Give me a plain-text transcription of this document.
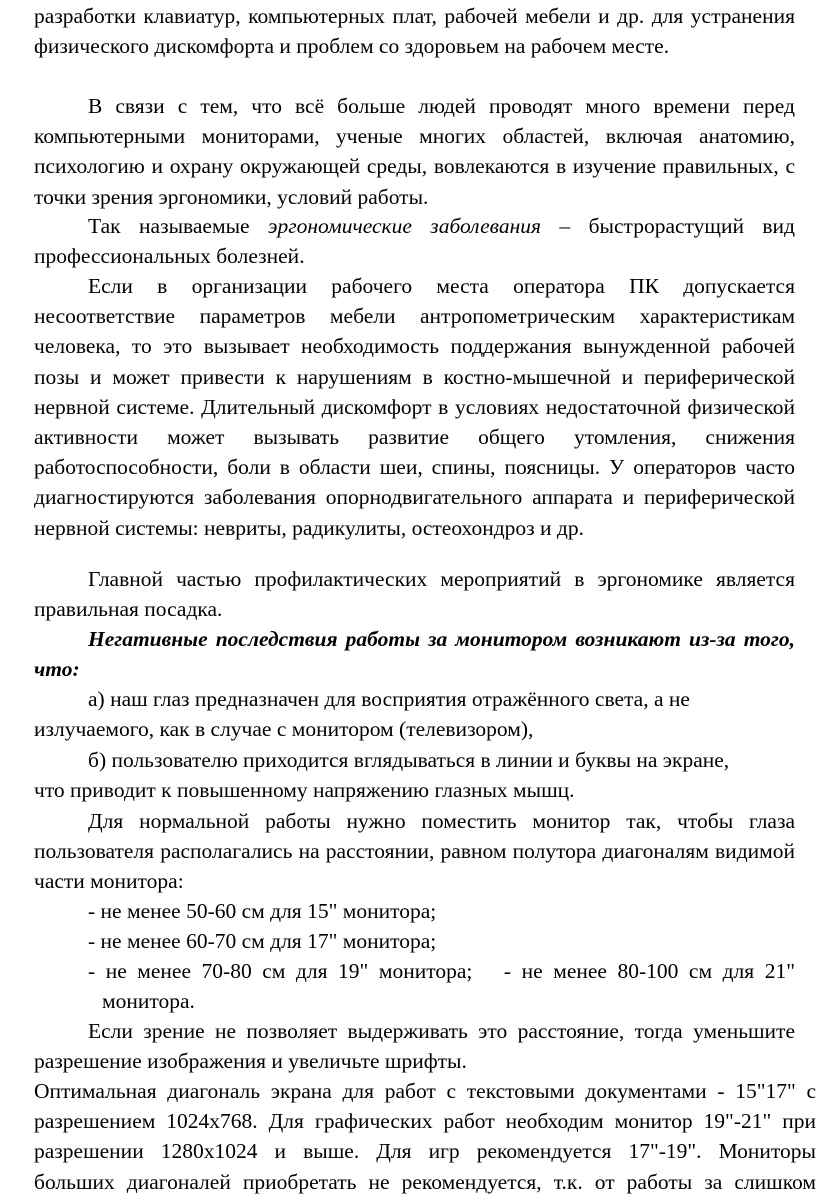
разработки клавиатур, компьютерных плат, рабочей мебели и др. для устранения физического дискомфорта и проблем со здоровьем на рабочем месте.

В связи с тем, что всё больше людей проводят много времени перед компьютерными мониторами, ученые многих областей, включая анатомию, психологию и охрану окружающей среды, вовлекаются в изучение правильных, с точки зрения эргономики, условий работы.

Так называемые эргономические заболевания – быстрорастущий вид профессиональных болезней.

Если в организации рабочего места оператора ПК допускается несоответствие параметров мебели антропометрическим характеристикам человека, то это вызывает необходимость поддержания вынужденной рабочей позы и может привести к нарушениям в костно-мышечной и периферической нервной системе. Длительный дискомфорт в условиях недостаточной физической активности может вызывать развитие общего утомления, снижения работоспособности, боли в области шеи, спины, поясницы. У операторов часто диагностируются заболевания опорнодвигательного аппарата и периферической нервной системы: невриты, радикулиты, остеохондроз и др.

Главной частью профилактических мероприятий в эргономике является правильная посадка.

Негативные последствия работы за монитором возникают из-за того, что:

а) наш глаз предназначен для восприятия отражённого света, а не

излучаемого, как в случае с монитором (телевизором),

б) пользователю приходится вглядываться в линии и буквы на экране,

что приводит к повышенному напряжению глазных мышц.

Для нормальной работы нужно поместить монитор так, чтобы глаза пользователя располагались на расстоянии, равном полутора диагоналям видимой части монитора:

- не менее 50-60 см для 15" монитора;

- не менее 60-70 см для 17" монитора;

- не менее 70-80 см для 19" монитора;   - не менее 80-100 см для 21"

монитора.

Если зрение не позволяет выдерживать это расстояние, тогда уменьшите разрешение изображения и увеличьте шрифты.

Оптимальная диагональ экрана для работ с текстовыми документами - 15"17" с
разрешением 1024x768. Для графических работ необходим монитор 19"-21" при
разрешении 1280x1024 и выше. Для игр рекомендуется 17"-19". Мониторы
больших диагоналей приобретать не рекомендуется, т.к. от работы за слишком
